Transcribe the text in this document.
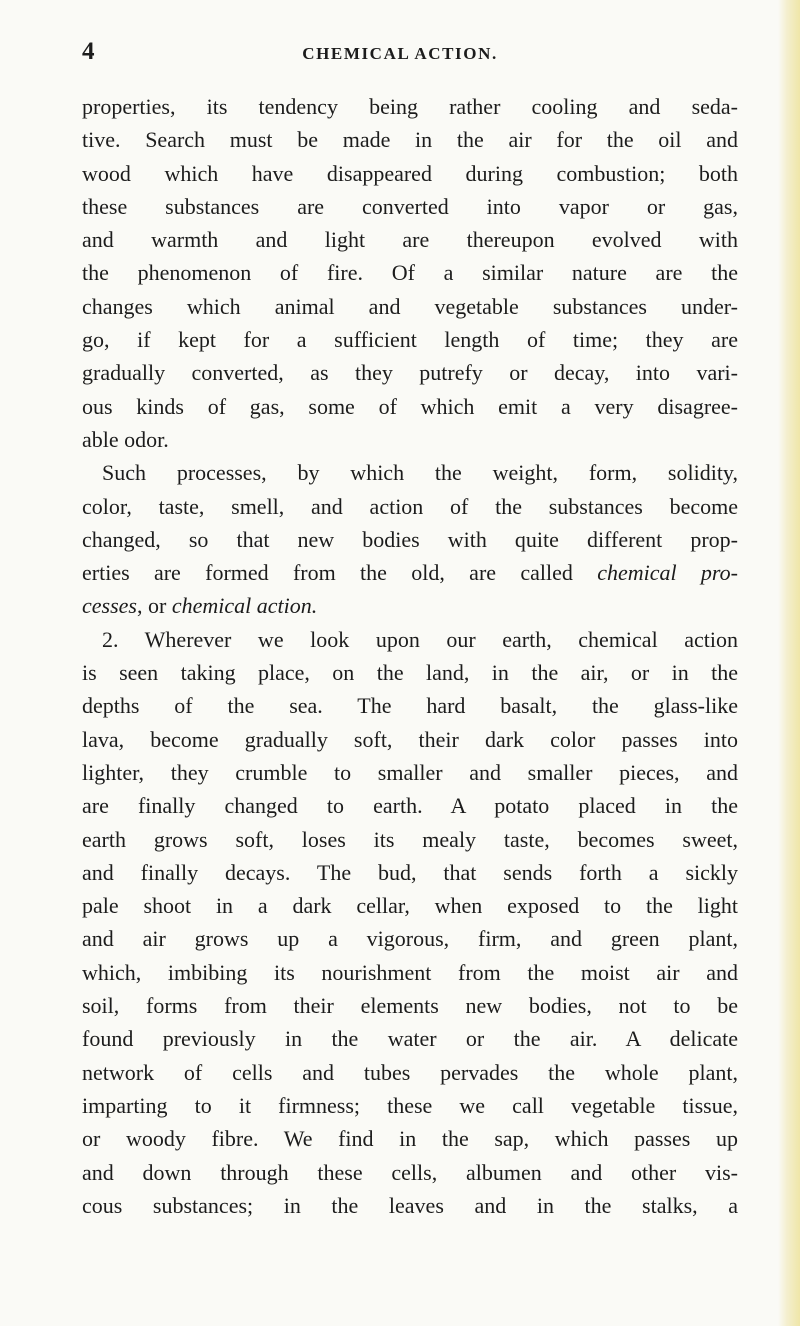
4	CHEMICAL ACTION.
properties, its tendency being rather cooling and seda-
tive. Search must be made in the air for the oil and
wood which have disappeared during combustion; both
these substances are converted into vapor or gas,
and warmth and light are thereupon evolved with
the phenomenon of fire. Of a similar nature are the
changes which animal and vegetable substances under-
go, if kept for a sufficient length of time; they are
gradually converted, as they putrefy or decay, into vari-
ous kinds of gas, some of which emit a very disagree-
able odor.
Such processes, by which the weight, form, solidity,
color, taste, smell, and action of the substances become
changed, so that new bodies with quite different prop-
erties are formed from the old, are called chemical pro-
cesses, or chemical action.
2. Wherever we look upon our earth, chemical action
is seen taking place, on the land, in the air, or in the
depths of the sea. The hard basalt, the glass-like
lava, become gradually soft, their dark color passes into
lighter, they crumble to smaller and smaller pieces, and
are finally changed to earth. A potato placed in the
earth grows soft, loses its mealy taste, becomes sweet,
and finally decays. The bud, that sends forth a sickly
pale shoot in a dark cellar, when exposed to the light
and air grows up a vigorous, firm, and green plant,
which, imbibing its nourishment from the moist air and
soil, forms from their elements new bodies, not to be
found previously in the water or the air. A delicate
network of cells and tubes pervades the whole plant,
imparting to it firmness; these we call vegetable tissue,
or woody fibre. We find in the sap, which passes up
and down through these cells, albumen and other vis-
cous substances; in the leaves and in the stalks, a
